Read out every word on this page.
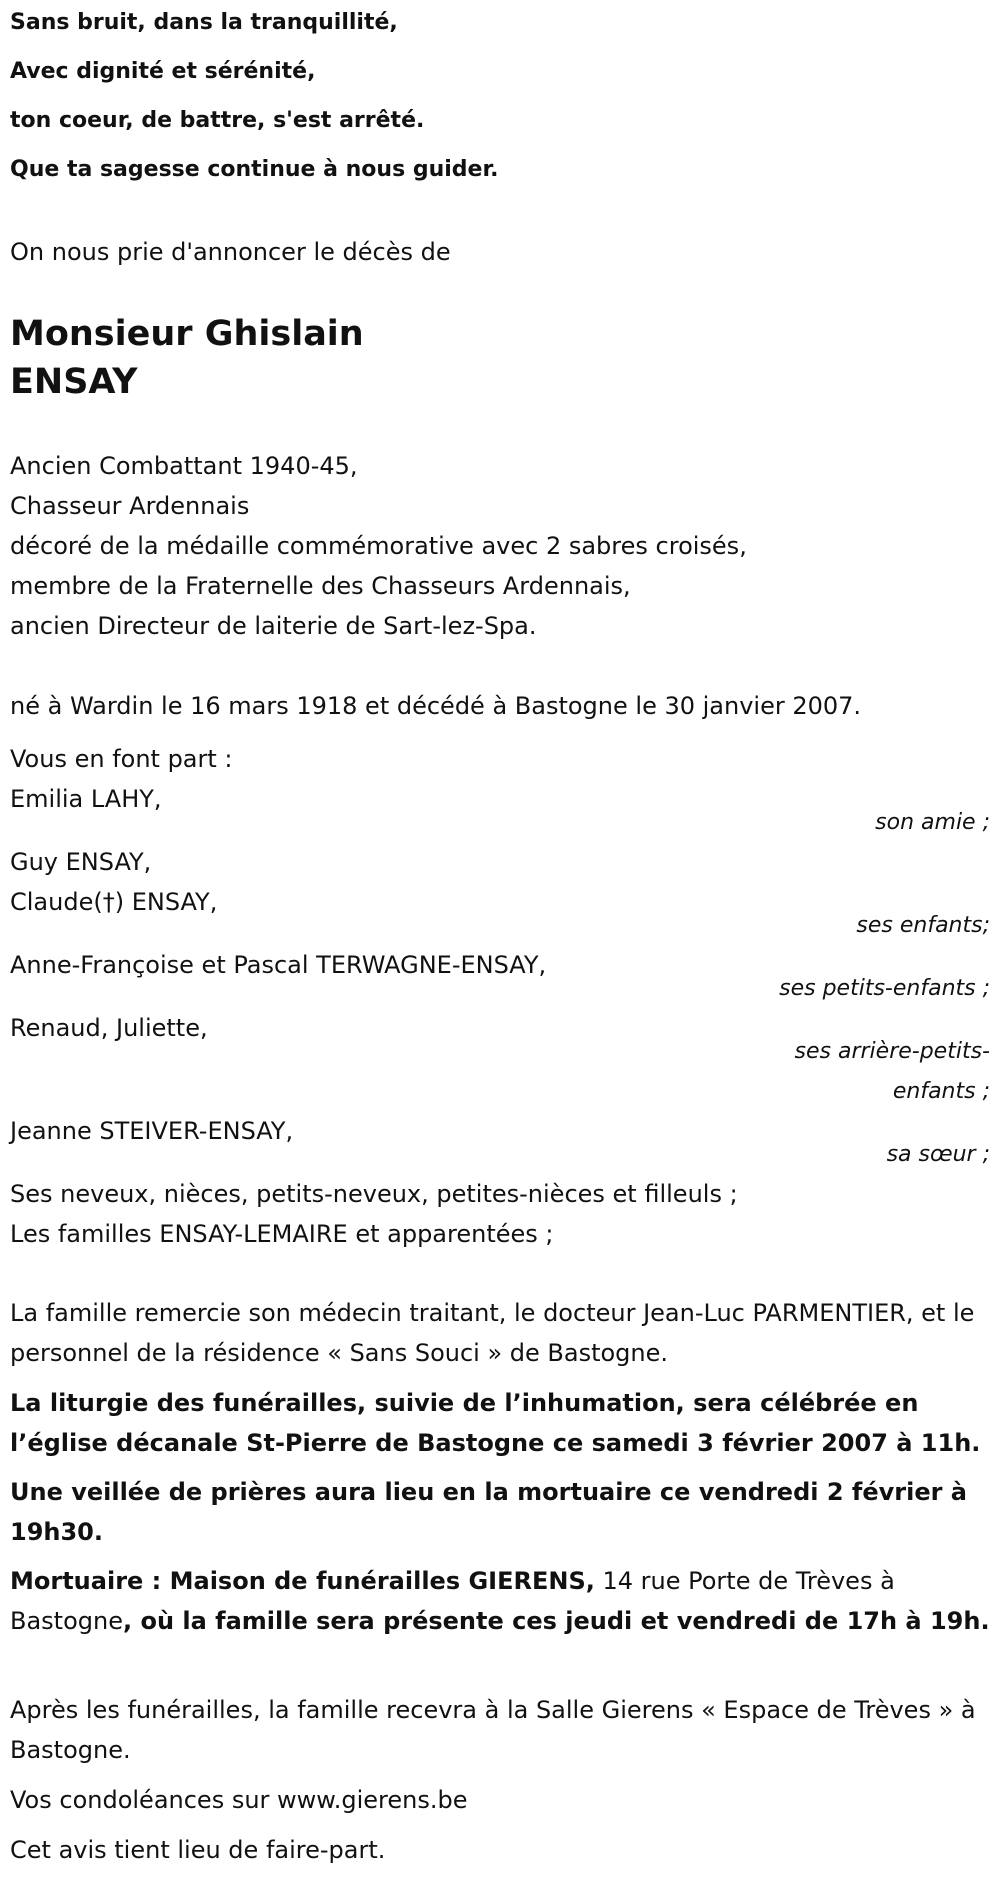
Sans bruit, dans la tranquillité,
Avec dignité et sérénité,
ton coeur, de battre, s'est arrêté.
Que ta sagesse continue à nous guider.
On nous prie d'annoncer le décès de
Monsieur Ghislain
ENSAY
Ancien Combattant 1940-45,
Chasseur Ardennais
décoré de la médaille commémorative avec 2 sabres croisés,
membre de la Fraternelle des Chasseurs Ardennais,
ancien Directeur de laiterie de Sart-lez-Spa.
né à Wardin le 16 mars 1918 et décédé à Bastogne le 30 janvier 2007.
Vous en font part :
Emilia LAHY,
son amie ;
Guy ENSAY,
Claude(†) ENSAY,
ses enfants;
Anne-Françoise et Pascal TERWAGNE-ENSAY,
ses petits-enfants ;
Renaud, Juliette,
ses arrière-petits-
enfants ;
Jeanne STEIVER-ENSAY,
sa sœur ;
Ses neveux, nièces, petits-neveux, petites-nièces et filleuls ;
Les familles ENSAY-LEMAIRE et apparentées ;
La famille remercie son médecin traitant, le docteur Jean-Luc PARMENTIER, et le personnel de la résidence « Sans Souci » de Bastogne.
La liturgie des funérailles, suivie de l’inhumation, sera célébrée en l’église décanale St-Pierre de Bastogne ce samedi 3 février 2007 à 11h.
Une veillée de prières aura lieu en la mortuaire ce vendredi 2 février à 19h30.
Mortuaire : Maison de funérailles GIERENS, 14 rue Porte de Trèves à Bastogne, où la famille sera présente ces jeudi et vendredi de 17h à 19h.
Après les funérailles, la famille recevra à la Salle Gierens « Espace de Trèves » à Bastogne.
Vos condoléances sur www.gierens.be
Cet avis tient lieu de faire-part.
